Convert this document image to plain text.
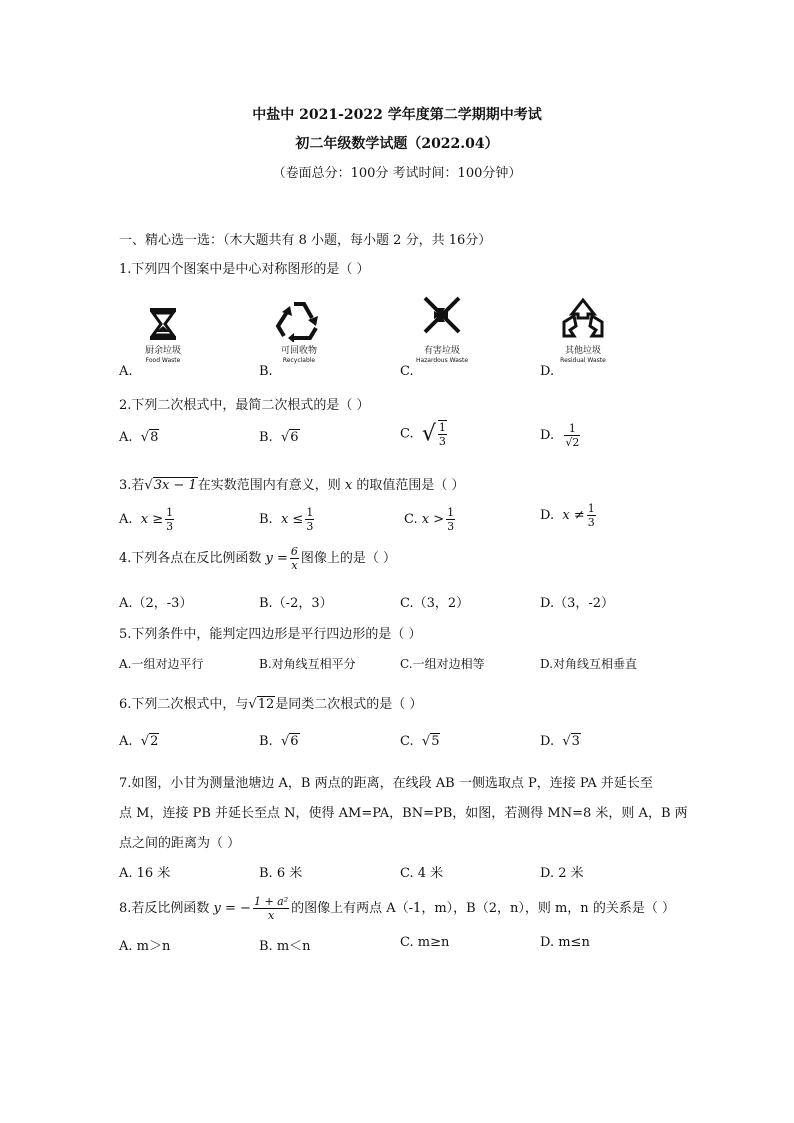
中盐中 2021-2022 学年度第二学期期中考试
初二年级数学试题（2022.04）
（卷面总分：100分 考试时间：100分钟）
一、精心选一选：（木大题共有 8 小题，每小题 2 分，共 16分）
1.下列四个图案中是中心对称图形的是（ ）
厨余垃圾
Food Waste
可回收物
Recyclable
有害垃圾
Hazardous Waste
其他垃圾
Residual Waste
A.	B.	C.	D.
2.下列二次根式中，最简二次根式的是（ ）
A. √8	B. √6	C. √ $\frac{1}{3}$	D. $\frac{1}{√2}$
3.若√3x − 1在实数范围内有意义，则 x 的取值范围是（ ）
A. $x \ge \frac{1}{3}$	B. $x \le \frac{1}{3}$	C. $x > \frac{1}{3}$	D. $x \ne \frac{1}{3}$
4.下列各点在反比例函数 $y = \frac{6}{x}$ 图像上的是（ ）
A.（2，-3）	B.（-2，3）	C.（3，2）	D.（3，-2）
5.下列条件中，能判定四边形是平行四边形的是（ ）
A.一组对边平行	B.对角线互相平分	C.一组对边相等	D.对角线互相垂直
6.下列二次根式中，与√12是同类二次根式的是（ ）
A. √2	B. √6	C. √5	D. √3
7.如图，小甘为测量池塘边 A，B 两点的距离，在线段 AB 一侧选取点 P，连接 PA 并延长至
点 M，连接 PB 并延长至点 N，使得 AM=PA，BN=PB，如图，若测得 MN=8 米，则 A，B 两
点之间的距离为（ ）
A. 16 米	B. 6 米	C. 4 米	D. 2 米
8.若反比例函数 y = − $\frac{\text{1 + a²}}{x}$ 的图像上有两点 A（-1，m），B（2，n），则 m，n 的关系是（ ）
A. m＞n	B. m＜n	C. m≥n	D. m≤n
